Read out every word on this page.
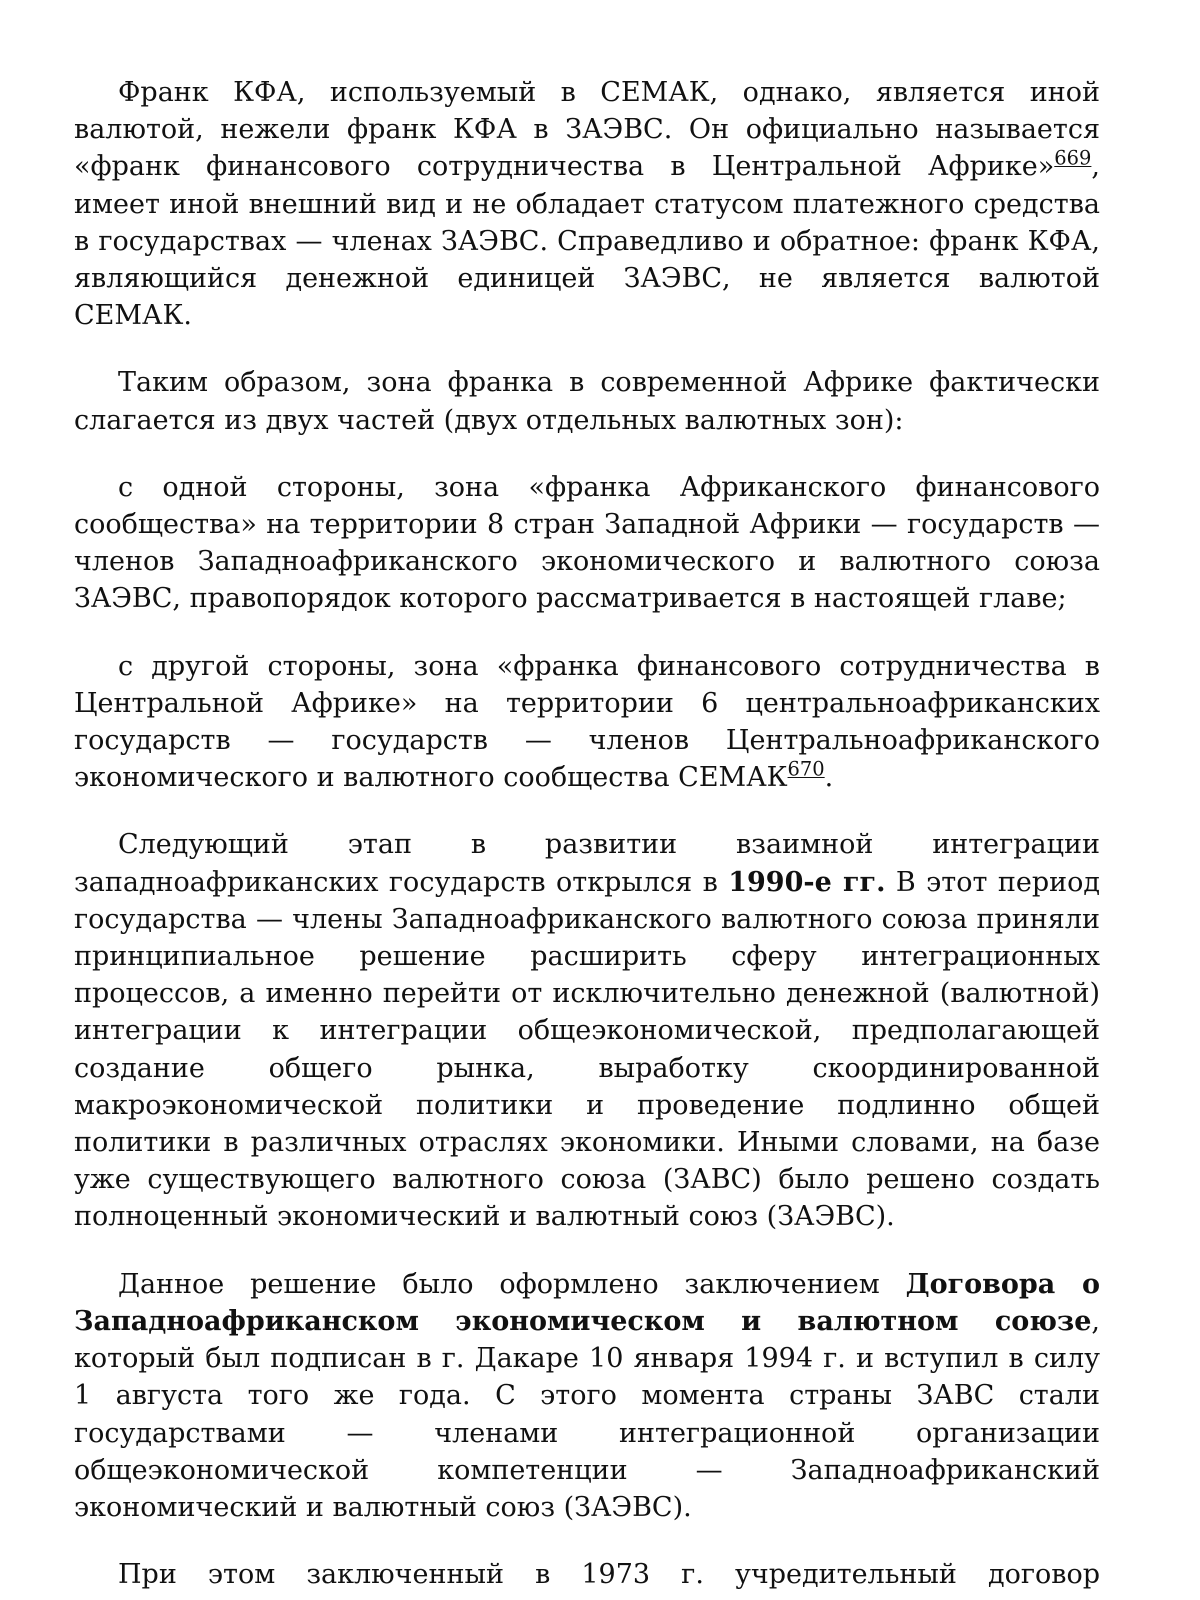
Франк КФА, используемый в СЕМАК, однако, является иной валютой, нежели франк КФА в ЗАЭВС. Он официально называется «франк финансового сотрудничества в Центральной Африке»$^{669}$, имеет иной внешний вид и не обладает статусом платежного средства в государствах — членах ЗАЭВС. Справедливо и обратное: франк КФА, являющийся денежной единицей ЗАЭВС, не является валютой СЕМАК.

Таким образом, зона франка в современной Африке фактически слагается из двух частей (двух отдельных валютных зон):

с одной стороны, зона «франка Африканского финансового сообщества» на территории 8 стран Западной Африки — государств — членов Западноафриканского экономического и валютного союза ЗАЭВС, правопорядок которого рассматривается в настоящей главе;

с другой стороны, зона «франка финансового сотрудничества в Центральной Африке» на территории 6 центральноафриканских государств — государств — членов Центральноафриканского экономического и валютного сообщества СЕМАК$^{670}$.

Следующий этап в развитии взаимной интеграции западноафриканских государств открылся в 1990-е гг. В этот период государства — члены Западноафриканского валютного союза приняли принципиальное решение расширить сферу интеграционных процессов, а именно перейти от исключительно денежной (валютной) интеграции к интеграции общеэкономической, предполагающей создание общего рынка, выработку скоординированной макроэкономической политики и проведение подлинно общей политики в различных отраслях экономики. Иными словами, на базе уже существующего валютного союза (ЗАВС) было решено создать полноценный экономический и валютный союз (ЗАЭВС).

Данное решение было оформлено заключением Договора о Западноафриканском экономическом и валютном союзе, который был подписан в г. Дакаре 10 января 1994 г. и вступил в силу 1 августа того же года. С этого момента страны ЗАВС стали государствами — членами интеграционной организации общеэкономической компетенции — Западноафриканский экономический и валютный союз (ЗАЭВС).

При этом заключенный в 1973 г. учредительный договор
